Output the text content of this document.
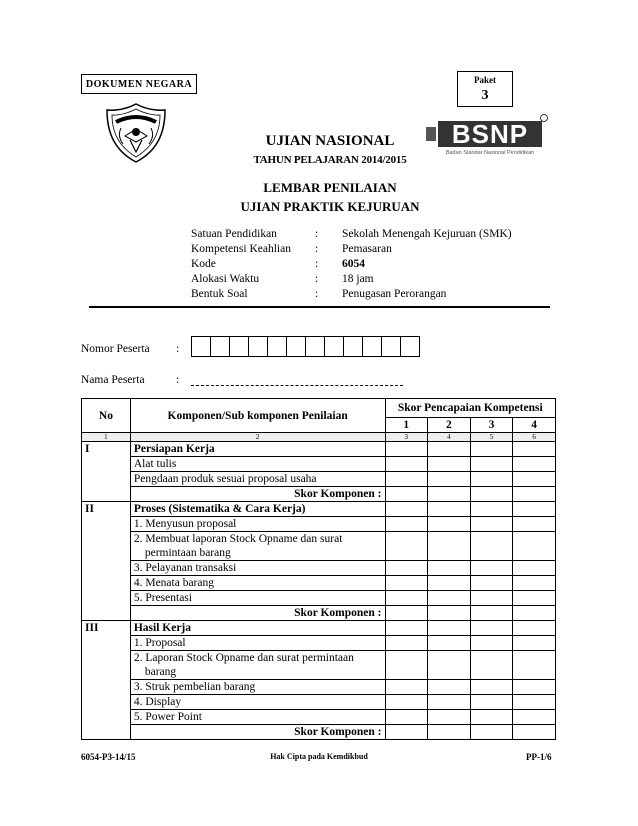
DOKUMEN NEGARA	Paket
3
BSNP
Badan Standar Nasional Pendidikan
UJIAN NASIONAL
TAHUN PELAJARAN 2014/2015
LEMBAR PENILAIAN
UJIAN PRAKTIK KEJURUAN
Satuan Pendidikan	:	Sekolah Menengah Kejuruan (SMK)
Kompetensi Keahlian	:	Pemasaran
Kode	:	6054
Alokasi Waktu	:	18 jam
Bentuk Soal	:	Penugasan Perorangan
Nomor Peserta :
Nama Peserta	:
No	Komponen/Sub komponen Penilaian	Skor Pencapaian Kompetensi			
		1	2	3	4
1	2	3	4	5	6
I	Persiapan Kerja				
	Alat tulis				
	Pengdaan produk sesuai proposal usaha				
	Skor Komponen :				
II	Proses (Sistematika & Cara Kerja)				
	1. Menyusun proposal				
	2. Membuat laporan Stock Opname dan surat permintaan barang				
	3. Pelayanan transaksi				
	4. Menata barang				
	5. Presentasi				
	Skor Komponen :				
III	Hasil Kerja				
	1. Proposal				
	2. Laporan Stock Opname dan surat permintaan barang				
	3. Struk pembelian barang				
	4. Display				
	5. Power Point				
	Skor Komponen :				
6054-P3-14/15	Hak Cipta pada Kemdikbud	PP-1/6
